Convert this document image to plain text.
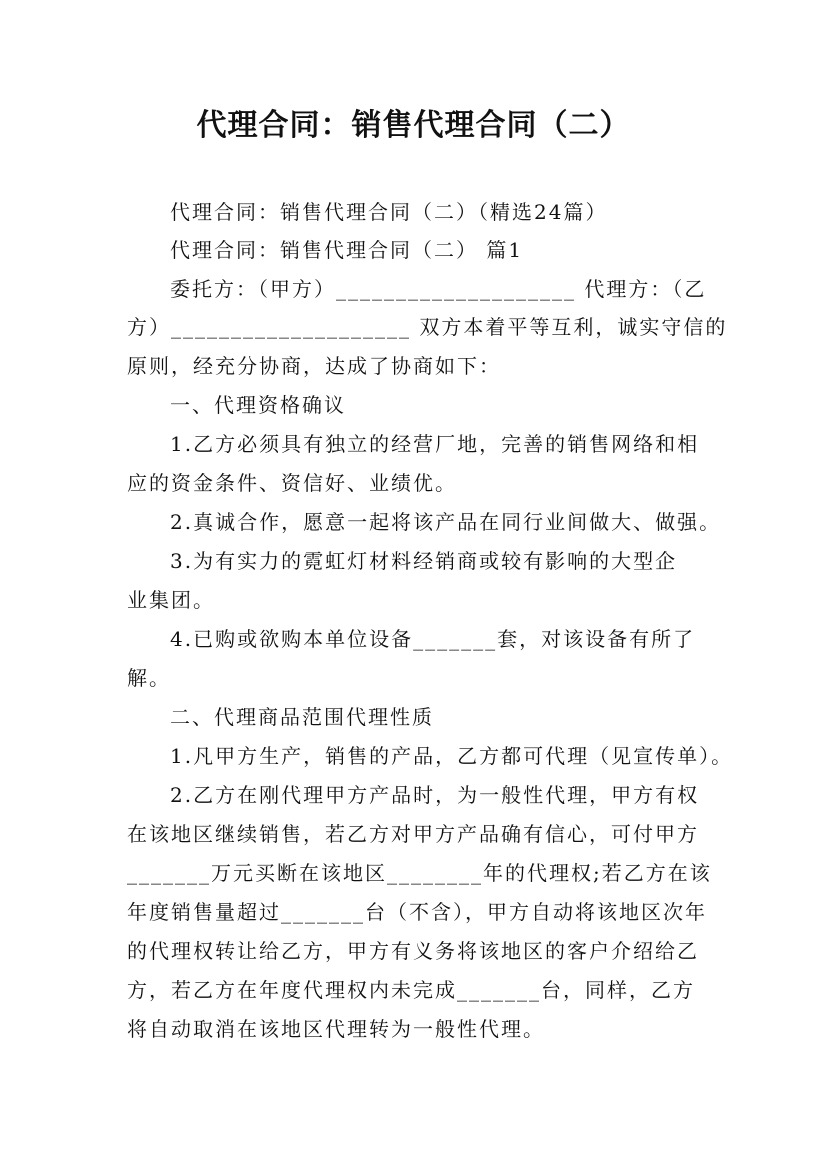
代理合同：销售代理合同（二）

代理合同：销售代理合同（二）（精选24篇）

代理合同：销售代理合同（二） 篇1

委托方：（甲方）____________________ 代理方：（乙

方）____________________ 双方本着平等互利，诚实守信的

原则，经充分协商，达成了协商如下：

一、代理资格确议

1.乙方必须具有独立的经营厂地，完善的销售网络和相

应的资金条件、资信好、业绩优。

2.真诚合作，愿意一起将该产品在同行业间做大、做强。

3.为有实力的霓虹灯材料经销商或较有影响的大型企

业集团。

4.已购或欲购本单位设备_______套，对该设备有所了

解。

二、代理商品范围代理性质

1.凡甲方生产，销售的产品，乙方都可代理（见宣传单）。

2.乙方在刚代理甲方产品时，为一般性代理，甲方有权

在该地区继续销售，若乙方对甲方产品确有信心，可付甲方

_______万元买断在该地区________年的代理权;若乙方在该

年度销售量超过_______台（不含），甲方自动将该地区次年

的代理权转让给乙方，甲方有义务将该地区的客户介绍给乙

方，若乙方在年度代理权内未完成_______台，同样，乙方

将自动取消在该地区代理转为一般性代理。
